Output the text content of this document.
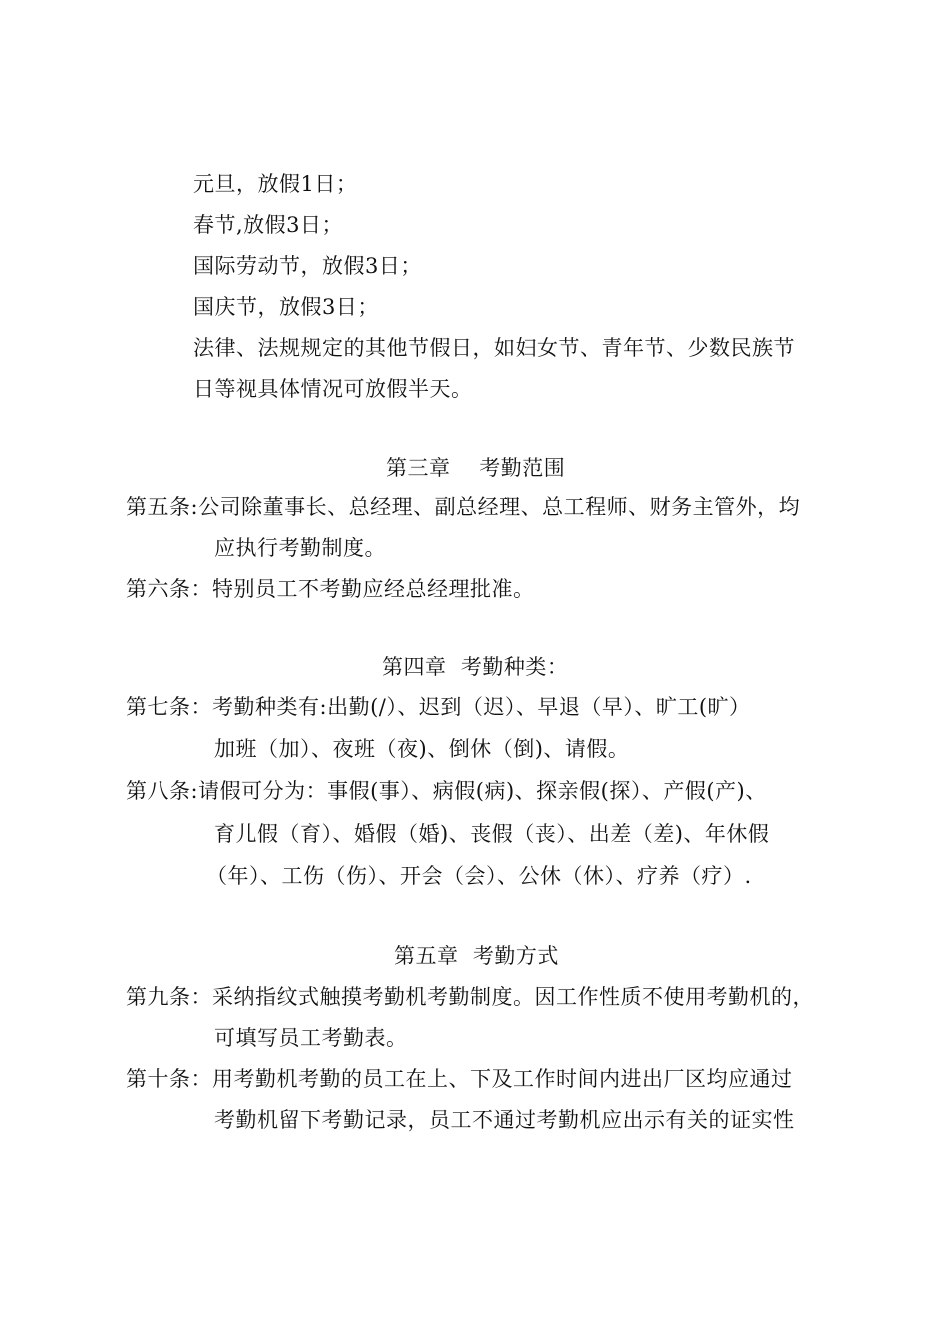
元旦，放假1日；
春节,放假3日；
国际劳动节，放假3日；
国庆节，放假3日；
法律、法规规定的其他节假日，如妇女节、青年节、少数民族节
日等视具体情况可放假半天。
第三章    考勤范围
第五条:公司除董事长、总经理、副总经理、总工程师、财务主管外，均
应执行考勤制度。
第六条：特别员工不考勤应经总经理批准。
第四章  考勤种类：
第七条：考勤种类有:出勤(/）、迟到（迟）、早退（早）、旷工(旷）
加班（加）、夜班（夜)、倒休（倒)、请假。
第八条:请假可分为：事假(事）、病假(病)、探亲假(探）、产假(产)、
育儿假（育）、婚假（婚)、丧假（丧）、出差（差)、年休假
（年）、工伤（伤）、开会（会）、公休（休）、疗养（疗）.
第五章  考勤方式
第九条：采纳指纹式触摸考勤机考勤制度。因工作性质不使用考勤机的，
可填写员工考勤表。
第十条：用考勤机考勤的员工在上、下及工作时间内进出厂区均应通过
考勤机留下考勤记录，员工不通过考勤机应出示有关的证实性
